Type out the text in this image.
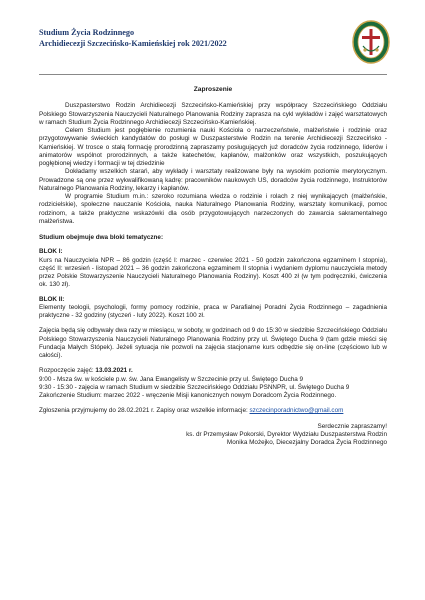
Studium Życia Rodzinnego
Archidiecezji Szczecińsko-Kamieńskiej rok 2021/2022
Zaproszenie

Duszpasterstwo Rodzin Archidiecezji Szczecińsko-Kamieńskiej przy współpracy Szczecińskiego Oddziału Polskiego Stowarzyszenia Nauczycieli Naturalnego Planowania Rodziny zaprasza na cykl wykładów i zajęć warsztatowych w ramach Studium Życia Rodzinnego Archidiecezji Szczecińsko-Kamieńskiej.

Celem Studium jest pogłębienie rozumienia nauki Kościoła o narzeczeństwie, małżeństwie i rodzinie oraz przygotowywanie świeckich kandydatów do posługi w Duszpasterstwie Rodzin na terenie Archidiecezji Szczecińsko - Kamieńskiej. W trosce o stałą formację prorodzinną zapraszamy posługujących już doradców życia rodzinnego, liderów i animatorów wspólnot prorodzinnych, a także katechetów, kapłanów, małżonków oraz wszystkich, poszukujących pogłębionej wiedzy i formacji w tej dziedzinie

Dokładamy wszelkich starań, aby wykłady i warsztaty realizowane były na wysokim poziomie merytorycznym. Prowadzone są one przez wykwalifikowaną kadrę: pracowników naukowych US, doradców życia rodzinnego, Instruktorów Naturalnego Planowania Rodziny, lekarzy i kapłanów.

W programie Studium m.in.: szeroko rozumiana wiedza o rodzinie i rolach z niej wynikających (małżeńskie, rodzicielskie), społeczne nauczanie Kościoła, nauka Naturalnego Planowania Rodziny, warsztaty komunikacji, pomoc rodzinom, a także praktyczne wskazówki dla osób przygotowujących narzeczonych do zawarcia sakramentalnego małżeństwa.

Studium obejmuje dwa bloki tematyczne:
BLOK I:

Kurs na Nauczyciela NPR – 86 godzin (część I: marzec - czerwiec 2021 - 50 godzin zakończona egzaminem I stopnia), część II: wrzesień - listopad 2021 – 36 godzin zakończona egzaminem II stopnia i wydaniem dyplomu nauczyciela metody przez Polskie Stowarzyszenie Nauczycieli Naturalnego Planowania Rodziny). Koszt 400 zł (w tym podręczniki, ćwiczenia ok. 130 zł).

BLOK II:

Elementy teologii, psychologii, formy pomocy rodzinie, praca w Parafialnej Poradni Życia Rodzinnego – zagadnienia praktyczne - 32 godziny (styczeń - luty 2022). Koszt 100 zł.

Zajęcia będą się odbywały dwa razy w miesiącu, w soboty, w godzinach od 9 do 15:30 w siedzibie Szczecińskiego Oddziału Polskiego Stowarzyszenia Nauczycieli Naturalnego Planowania Rodziny przy ul. Świętego Ducha 9 (tam gdzie mieści się Fundacja Małych Stópek). Jeżeli sytuacja nie pozwoli na zajęcia stacjonarne kurs odbędzie się on-line (częściowo lub w całości).

Rozpoczęcie zajęć: 13.03.2021 r.

9:00 - Msza św. w kościele p.w. św. Jana Ewangelisty w Szczecinie przy ul. Świętego Ducha 9

9:30 - 15:30 - zajęcia w ramach Studium w siedzibie Szczecińskiego Oddziału PSNNPR, ul. Świętego Ducha 9

Zakończenie Studium: marzec 2022 - wręczenie Misji kanonicznych nowym Doradcom Życia Rodzinnego.

Zgłoszenia przyjmujemy do 28.02.2021 r. Zapisy oraz wszelkie informacje: szczecinporadnictwo@gmail.com

Serdecznie zapraszamy!

ks. dr Przemysław Pokorski, Dyrektor Wydziału Duszpasterstwa Rodzin

Monika Możejko, Diecezjalny Doradca Życia Rodzinnego
